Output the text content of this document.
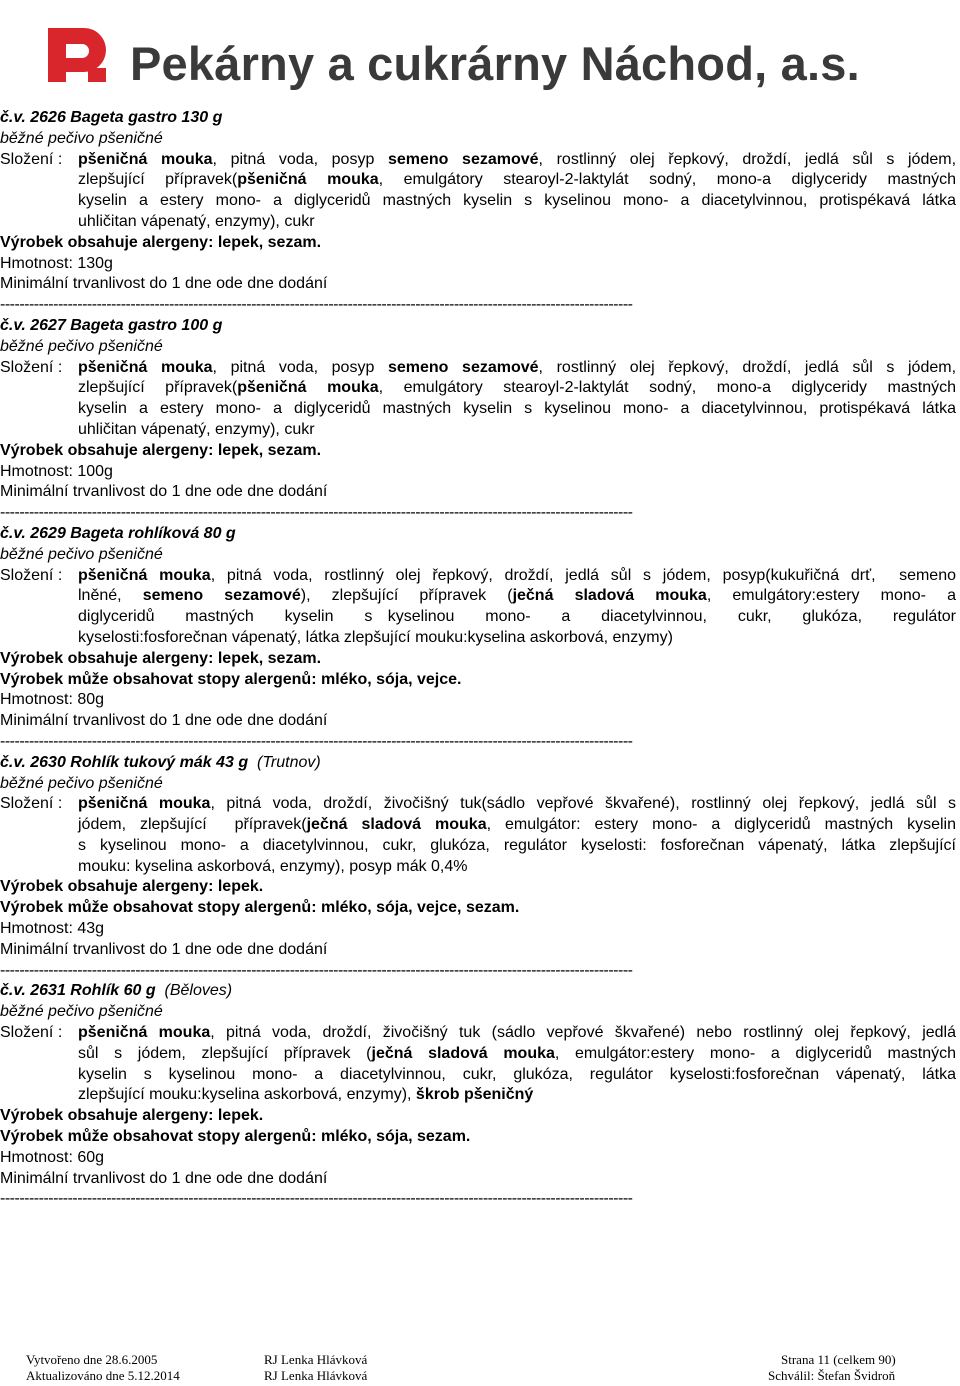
Pekárny a cukrárny Náchod, a.s.
č.v. 2626 Bageta gastro 130 g
běžné pečivo pšeničné
Složení : pšeničná mouka, pitná voda, posyp semeno sezamové, rostlinný olej řepkový, droždí, jedlá sůl s jódem,
zlepšující přípravek(pšeničná mouka, emulgátory stearoyl-2-laktylát sodný, mono-a diglyceridy mastných
kyselin a estery mono- a diglyceridů mastných kyselin s kyselinou mono- a diacetylvinnou, protispékavá látka
uhličitan vápenatý, enzymy), cukr
Výrobek obsahuje alergeny: lepek, sezam.
Hmotnost: 130g
Minimální trvanlivost do 1 dne ode dne dodání
-----------------------------------------------------------------------------------------------------------------------------------
č.v. 2627 Bageta gastro 100 g
běžné pečivo pšeničné
Složení : pšeničná mouka, pitná voda, posyp semeno sezamové, rostlinný olej řepkový, droždí, jedlá sůl s jódem,
zlepšující přípravek(pšeničná mouka, emulgátory stearoyl-2-laktylát sodný, mono-a diglyceridy mastných
kyselin a estery mono- a diglyceridů mastných kyselin s kyselinou mono- a diacetylvinnou, protispékavá látka
uhličitan vápenatý, enzymy), cukr
Výrobek obsahuje alergeny: lepek, sezam.
Hmotnost: 100g
Minimální trvanlivost do 1 dne ode dne dodání
-----------------------------------------------------------------------------------------------------------------------------------
č.v. 2629 Bageta rohlíková 80 g
běžné pečivo pšeničné
Složení : pšeničná mouka, pitná voda, rostlinný olej řepkový, droždí, jedlá sůl s jódem, posyp(kukuřičná drť,  semeno
lněné, semeno sezamové), zlepšující přípravek (ječná sladová mouka, emulgátory:estery mono- a
diglyceridů  mastných  kyselin  s kyselinou  mono-  a  diacetylvinnou,  cukr,  glukóza,  regulátor
kyselosti:fosforečnan vápenatý, látka zlepšující mouku:kyselina askorbová, enzymy)
Výrobek obsahuje alergeny: lepek, sezam.
Výrobek může obsahovat stopy alergenů: mléko, sója, vejce.
Hmotnost: 80g
Minimální trvanlivost do 1 dne ode dne dodání
-----------------------------------------------------------------------------------------------------------------------------------
č.v. 2630 Rohlík tukový mák 43 g  (Trutnov)
běžné pečivo pšeničné
Složení : pšeničná mouka, pitná voda, droždí, živočišný tuk(sádlo vepřové škvařené), rostlinný olej řepkový, jedlá sůl s
jódem, zlepšující  přípravek(ječná sladová mouka, emulgátor: estery mono- a diglyceridů mastných kyselin
s kyselinou mono- a diacetylvinnou, cukr, glukóza, regulátor kyselosti: fosforečnan vápenatý, látka zlepšující
mouku: kyselina askorbová, enzymy), posyp mák 0,4%
Výrobek obsahuje alergeny: lepek.
Výrobek může obsahovat stopy alergenů: mléko, sója, vejce, sezam.
Hmotnost: 43g
Minimální trvanlivost do 1 dne ode dne dodání
-----------------------------------------------------------------------------------------------------------------------------------
č.v. 2631 Rohlík 60 g  (Běloves)
běžné pečivo pšeničné
Složení : pšeničná mouka, pitná voda, droždí, živočišný tuk (sádlo vepřové škvařené) nebo rostlinný olej řepkový, jedlá
sůl s jódem, zlepšující přípravek (ječná sladová mouka, emulgátor:estery mono- a diglyceridů mastných
kyselin s kyselinou mono- a diacetylvinnou, cukr, glukóza, regulátor kyselosti:fosforečnan vápenatý, látka
zlepšující mouku:kyselina askorbová, enzymy), škrob pšeničný
Výrobek obsahuje alergeny: lepek.
Výrobek může obsahovat stopy alergenů: mléko, sója, sezam.
Hmotnost: 60g
Minimální trvanlivost do 1 dne ode dne dodání
-----------------------------------------------------------------------------------------------------------------------------------
Vytvořeno dne 28.6.2005
Aktualizováno dne 5.12.2014
RJ Lenka Hlávková
RJ Lenka Hlávková
Strana 11 (celkem 90)
Schválil: Štefan Švidroň
